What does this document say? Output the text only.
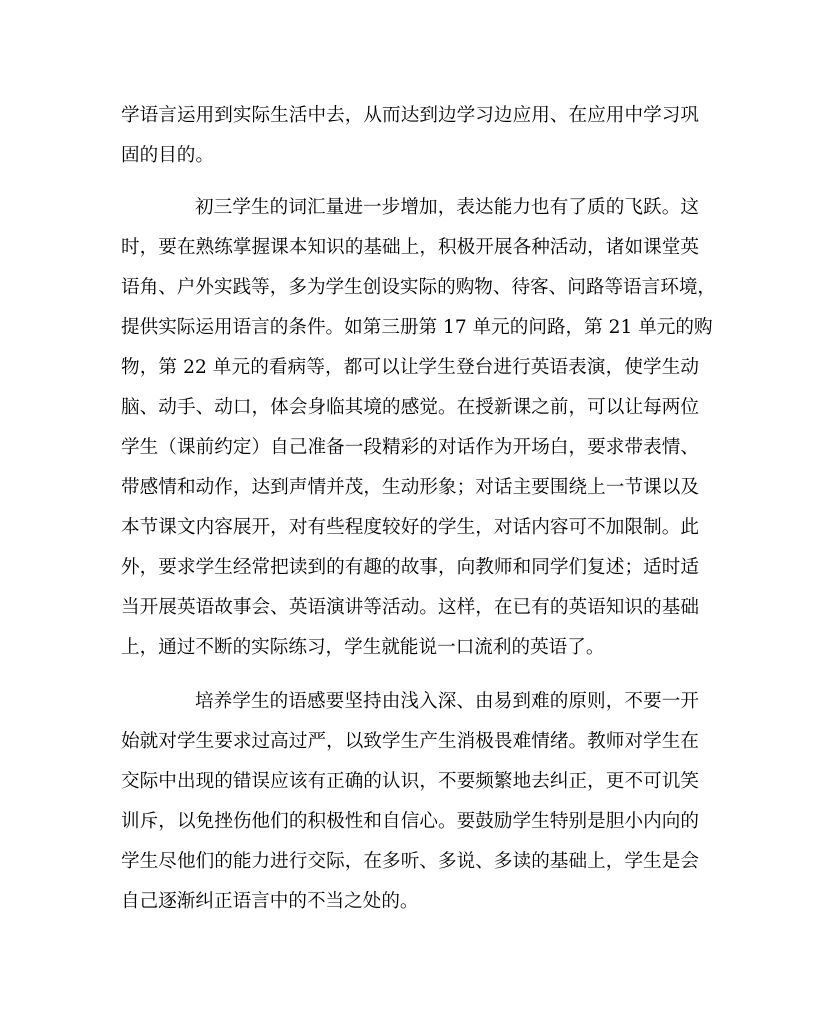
学语言运用到实际生活中去，从而达到边学习边应用、在应用中学习巩
固的目的。
初三学生的词汇量进一步增加，表达能力也有了质的飞跃。这
时，要在熟练掌握课本知识的基础上，积极开展各种活动，诸如课堂英
语角、户外实践等，多为学生创设实际的购物、待客、问路等语言环境，
提供实际运用语言的条件。如第三册第 17 单元的问路，第 21 单元的购
物，第 22 单元的看病等，都可以让学生登台进行英语表演，使学生动
脑、动手、动口，体会身临其境的感觉。在授新课之前，可以让每两位
学生（课前约定）自己准备一段精彩的对话作为开场白，要求带表情、
带感情和动作，达到声情并茂，生动形象；对话主要围绕上一节课以及
本节课文内容展开，对有些程度较好的学生，对话内容可不加限制。此
外，要求学生经常把读到的有趣的故事，向教师和同学们复述；适时适
当开展英语故事会、英语演讲等活动。这样，在已有的英语知识的基础
上，通过不断的实际练习，学生就能说一口流利的英语了。
培养学生的语感要坚持由浅入深、由易到难的原则，不要一开
始就对学生要求过高过严，以致学生产生消极畏难情绪。教师对学生在
交际中出现的错误应该有正确的认识，不要频繁地去纠正，更不可讥笑
训斥，以免挫伤他们的积极性和自信心。要鼓励学生特别是胆小内向的
学生尽他们的能力进行交际，在多听、多说、多读的基础上，学生是会
自己逐渐纠正语言中的不当之处的。
